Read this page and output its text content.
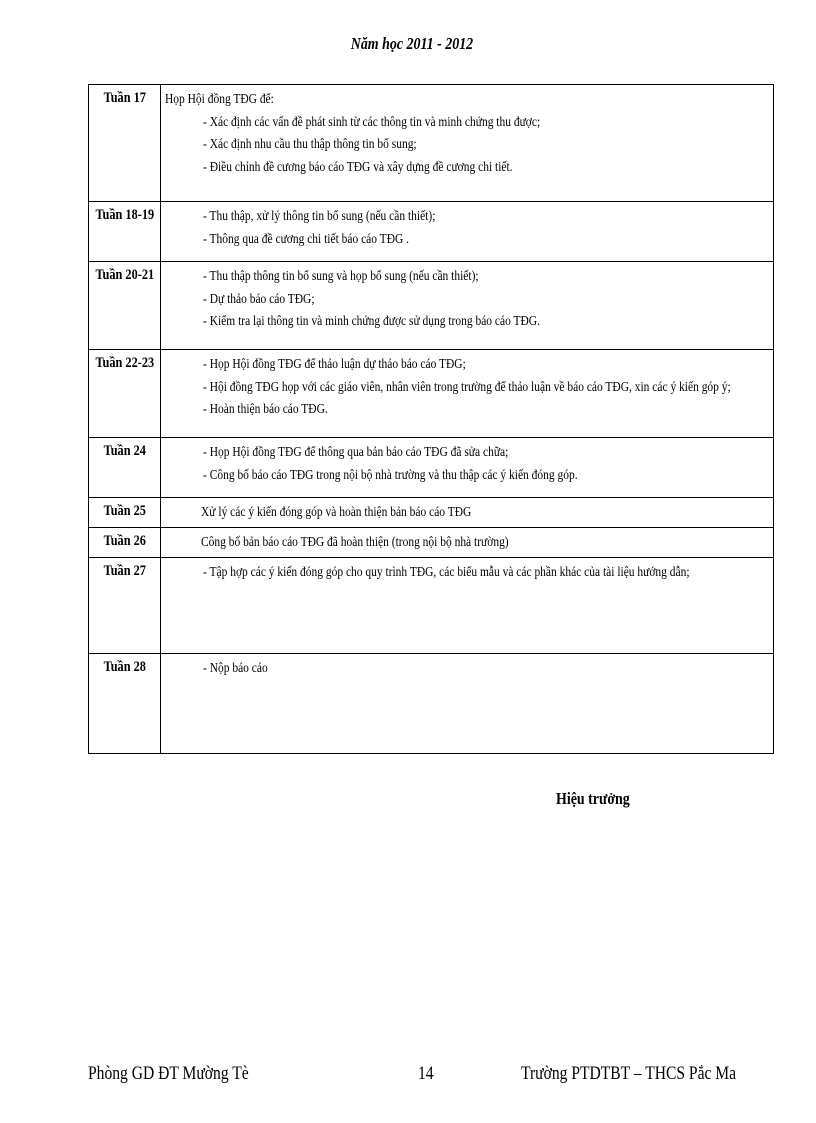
Năm học 2011 - 2012
Tuần 17	Họp Hội đồng TĐG để:
- Xác định các vấn đề phát sinh từ các thông tin và minh chứng thu được;
- Xác định nhu cầu thu thập thông tin bổ sung;
- Điều chỉnh đề cương báo cáo TĐG và xây dựng đề cương chi tiết.

Tuần 18-19	- Thu thập, xử lý thông tin bổ sung (nếu cần thiết);
- Thông qua đề cương chi tiết báo cáo TĐG .

Tuần 20-21	- Thu thập thông tin bổ sung và họp bổ sung (nếu cần thiết);
- Dự thảo báo cáo TĐG;
- Kiểm tra lại thông tin và minh chứng được sử dụng trong báo cáo TĐG.

Tuần 22-23	- Họp Hội đồng TĐG để thảo luận dự thảo báo cáo TĐG;
- Hội đồng TĐG họp với các giáo viên, nhân viên trong trường để thảo luận về báo cáo TĐG, xin các ý kiến góp ý;
- Hoàn thiện báo cáo TĐG.

Tuần 24	- Họp Hội đồng TĐG để thông qua bản báo cáo TĐG đã sửa chữa;
- Công bố báo cáo TĐG trong nội bộ nhà trường và thu thập các ý kiến đóng góp.

Tuần 25	Xử lý các ý kiến đóng góp và hoàn thiện bản báo cáo TĐG

Tuần 26	Công bố bản báo cáo TĐG đã hoàn thiện (trong nội bộ nhà trường)

Tuần 27	- Tập hợp các ý kiến đóng góp cho quy trình TĐG, các biểu mẫu và các phần khác của tài liệu hướng dẫn;

Tuần 28	- Nộp báo cáo
Hiệu trưởng
Phòng GD ĐT Mường Tè	14	Trường PTDTBT – THCS Pắc Ma
